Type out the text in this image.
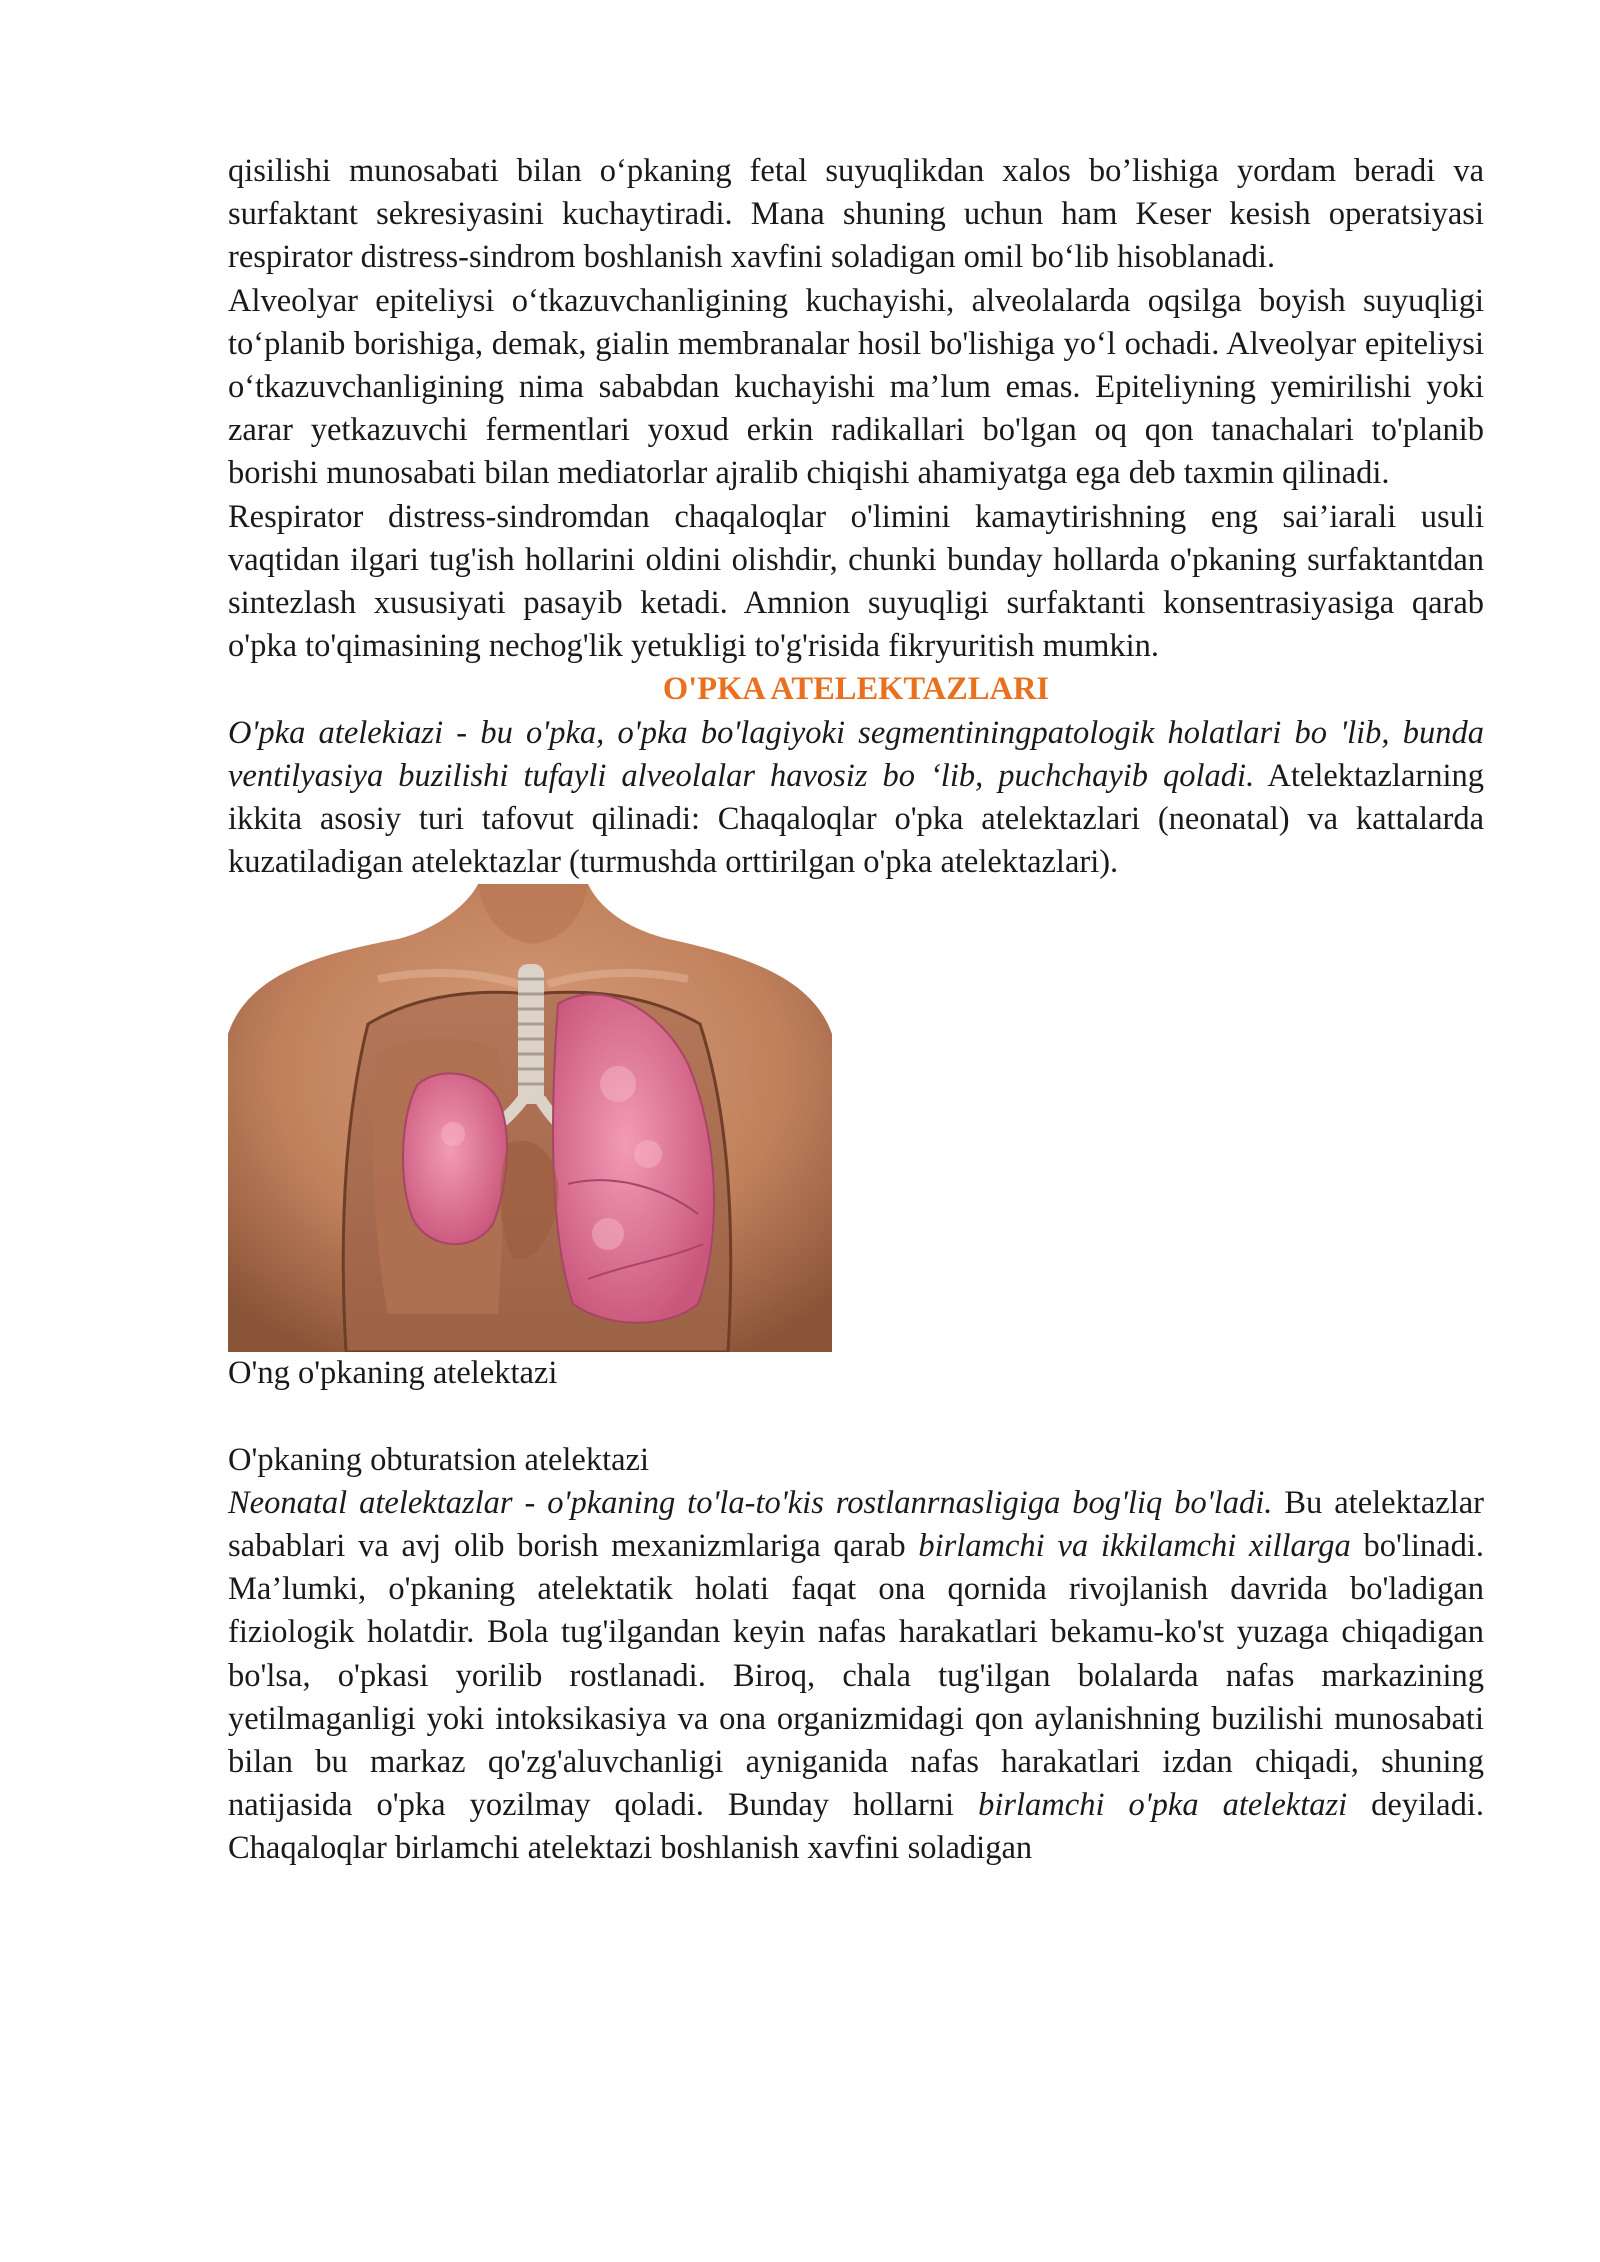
qisilishi munosabati bilan o‘pkaning fetal suyuqlikdan xalos bo’lishiga yordam beradi va surfaktant sekresiyasini kuchaytiradi. Mana shuning uchun ham Keser kesish operatsiyasi respirator distress-sindrom boshlanish xavfini soladigan omil bo‘lib hisoblanadi.

Alveolyar epiteliysi o‘tkazuvchanligining kuchayishi, alveolalarda oqsilga boyish suyuqligi to‘planib borishiga, demak, gialin membranalar hosil bo'lishiga yo‘l ochadi. Alveolyar epiteliysi o‘tkazuvchanligining nima sababdan kuchayishi ma’lum emas. Epiteliyning yemirilishi yoki zarar yetkazuvchi fermentlari yoxud erkin radikallari bo'lgan oq qon tanachalari to'planib borishi munosabati bilan mediatorlar ajralib chiqishi ahamiyatga ega deb taxmin qilinadi.

Respirator distress-sindromdan chaqaloqlar o'limini kamaytirishning eng sai’iarali usuli vaqtidan ilgari tug'ish hollarini oldini olishdir, chunki bunday hollarda o'pkaning surfaktantdan sintezlash xususiyati pasayib ketadi. Amnion suyuqligi surfaktanti konsentrasiyasiga qarab o'pka to'qimasining nechog'lik yetukligi to'g'risida fikryuritish mumkin.

O'PKA ATELEKTAZLARI

O'pka atelekiazi - bu o'pka, o'pka bo'lagiyoki segmentiningpatologik holatlari bo 'lib, bunda ventilyasiya buzilishi tufayli alveolalar havosiz bo ‘lib, puchchayib qoladi. Atelektazlarning ikkita asosiy turi tafovut qilinadi: Chaqaloqlar o'pka atelektazlari (neonatal) va kattalarda kuzatiladigan atelektazlar (turmushda orttirilgan o'pka atelektazlari).

O'ng o'pkaning atelektazi

O'pkaning obturatsion atelektazi

Neonatal atelektazlar - o'pkaning to'la-to'kis rostlanrnasligiga bog'liq bo'ladi. Bu atelektazlar sabablari va avj olib borish mexanizmlariga qarab birlamchi va ikkilamchi xillarga bo'linadi. Ma’lumki, o'pkaning atelektatik holati faqat ona qornida rivojlanish davrida bo'ladigan fiziologik holatdir. Bola tug'ilgandan keyin nafas harakatlari bekamu-ko'st yuzaga chiqadigan bo'lsa, o'pkasi yorilib rostlanadi. Biroq, chala tug'ilgan bolalarda nafas markazining yetilmaganligi yoki intoksikasiya va ona organizmidagi qon aylanishning buzilishi munosabati bilan bu markaz qo'zg'aluvchanligi ayniganida nafas harakatlari izdan chiqadi, shuning natijasida o'pka yozilmay qoladi. Bunday hollarni birlamchi o'pka atelektazi deyiladi. Chaqaloqlar birlamchi atelektazi boshlanish xavfini soladigan
